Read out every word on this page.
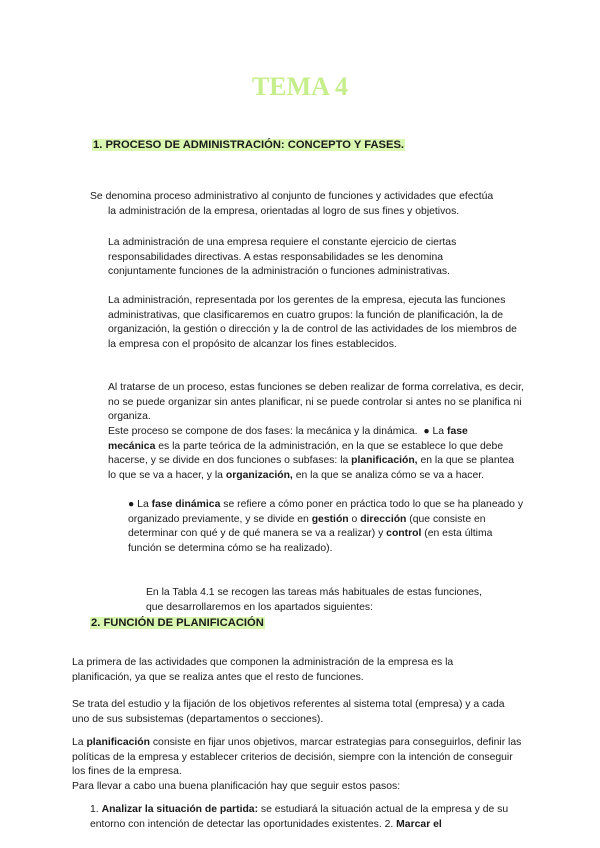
TEMA 4
1. PROCESO DE ADMINISTRACIÓN: CONCEPTO Y FASES.

Se denomina proceso administrativo al conjunto de funciones y actividades que efectúa

la administración de la empresa, orientadas al logro de sus fines y objetivos.

La administración de una empresa requiere el constante ejercicio de ciertas responsabilidades directivas. A estas responsabilidades se les denomina conjuntamente funciones de la administración o funciones administrativas.

La administración, representada por los gerentes de la empresa, ejecuta las funciones administrativas, que clasificaremos en cuatro grupos: la función de planificación, la de organización, la gestión o dirección y la de control de las actividades de los miembros de la empresa con el propósito de alcanzar los fines establecidos.

Al tratarse de un proceso, estas funciones se deben realizar de forma correlativa, es decir, no se puede organizar sin antes planificar, ni se puede controlar si antes no se planifica ni organiza.

Este proceso se compone de dos fases: la mecánica y la dinámica.  ● La fase mecánica es la parte teórica de la administración, en la que se establece lo que debe hacerse, y se divide en dos funciones o subfases: la planificación, en la que se plantea lo que se va a hacer, y la organización, en la que se analiza cómo se va a hacer.
● La fase dinámica se refiere a cómo poner en práctica todo lo que se ha planeado y organizado previamente, y se divide en gestión o dirección (que consiste en determinar con qué y de qué manera se va a realizar) y control (en esta última función se determina cómo se ha realizado).

En la Tabla 4.1 se recogen las tareas más habituales de estas funciones,

que desarrollaremos en los apartados siguientes:

2. FUNCIÓN DE PLANIFICACIÓN

La primera de las actividades que componen la administración de la empresa es la planificación, ya que se realiza antes que el resto de funciones.

Se trata del estudio y la fijación de los objetivos referentes al sistema total (empresa) y a cada uno de sus subsistemas (departamentos o secciones).

La planificación consiste en fijar unos objetivos, marcar estrategias para conseguirlos, definir las políticas de la empresa y establecer criterios de decisión, siempre con la intención de conseguir los fines de la empresa.

Para llevar a cabo una buena planificación hay que seguir estos pasos:

1. Analizar la situación de partida: se estudiará la situación actual de la empresa y de su entorno con intención de detectar las oportunidades existentes. 2. Marcar el
